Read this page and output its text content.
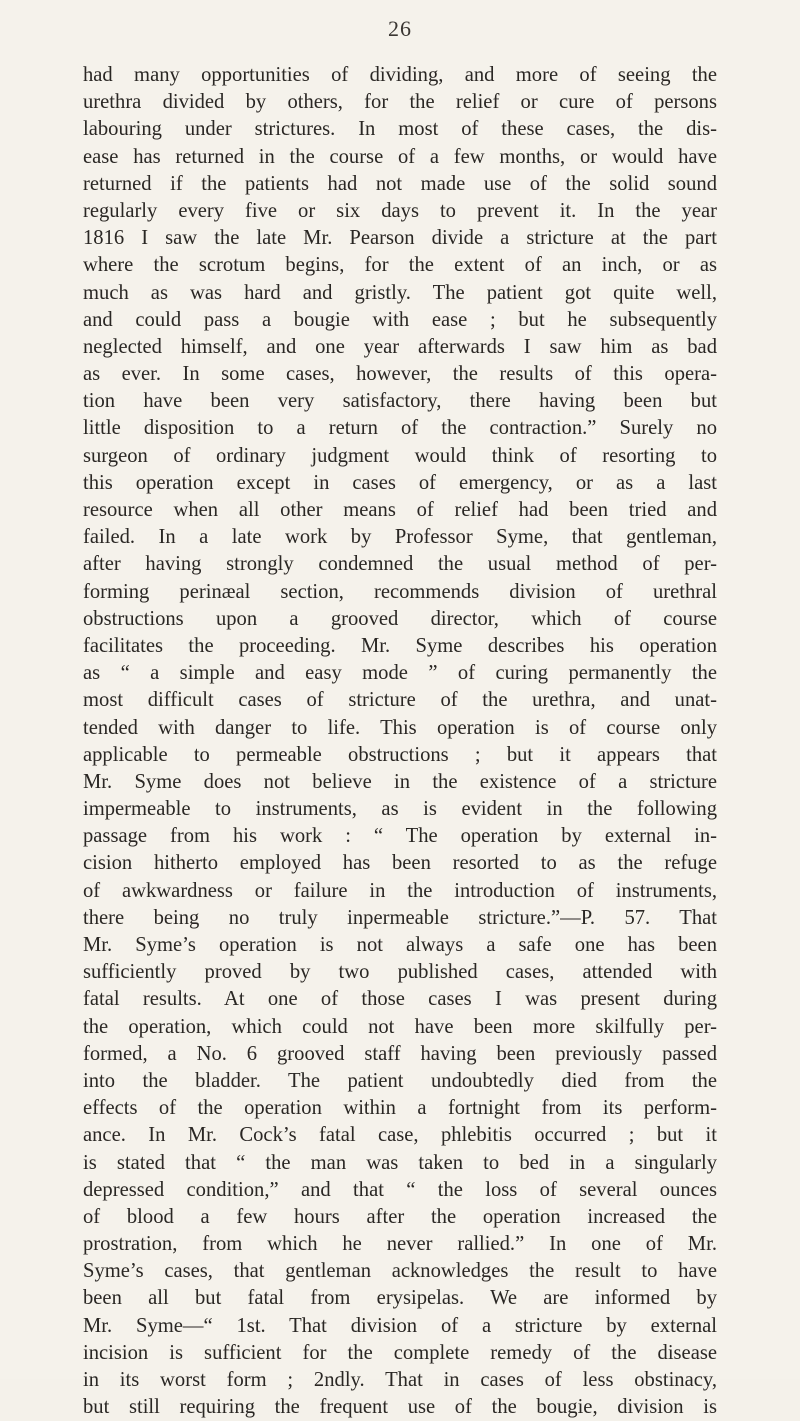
26
had many opportunities of dividing, and more of seeing the
urethra divided by others, for the relief or cure of persons
labouring under strictures. In most of these cases, the dis-
ease has returned in the course of a few months, or would have
returned if the patients had not made use of the solid sound
regularly every five or six days to prevent it. In the year
1816 I saw the late Mr. Pearson divide a stricture at the part
where the scrotum begins, for the extent of an inch, or as
much as was hard and gristly. The patient got quite well,
and could pass a bougie with ease ; but he subsequently
neglected himself, and one year afterwards I saw him as bad
as ever. In some cases, however, the results of this opera-
tion have been very satisfactory, there having been but
little disposition to a return of the contraction.” Surely no
surgeon of ordinary judgment would think of resorting to
this operation except in cases of emergency, or as a last
resource when all other means of relief had been tried and
failed. In a late work by Professor Syme, that gentleman,
after having strongly condemned the usual method of per-
forming perinæal section, recommends division of urethral
obstructions upon a grooved director, which of course
facilitates the proceeding. Mr. Syme describes his operation
as “ a simple and easy mode ” of curing permanently the
most difficult cases of stricture of the urethra, and unat-
tended with danger to life. This operation is of course only
applicable to permeable obstructions ; but it appears that
Mr. Syme does not believe in the existence of a stricture
impermeable to instruments, as is evident in the following
passage from his work : “ The operation by external in-
cision hitherto employed has been resorted to as the refuge
of awkwardness or failure in the introduction of instruments,
there being no truly inpermeable stricture.”—P. 57. That
Mr. Syme’s operation is not always a safe one has been
sufficiently proved by two published cases, attended with
fatal results. At one of those cases I was present during
the operation, which could not have been more skilfully per-
formed, a No. 6 grooved staff having been previously passed
into the bladder. The patient undoubtedly died from the
effects of the operation within a fortnight from its perform-
ance. In Mr. Cock’s fatal case, phlebitis occurred ; but it
is stated that “ the man was taken to bed in a singularly
depressed condition,” and that “ the loss of several ounces
of blood a few hours after the operation increased the
prostration, from which he never rallied.” In one of Mr.
Syme’s cases, that gentleman acknowledges the result to have
been all but fatal from erysipelas. We are informed by
Mr. Syme—“ 1st. That division of a stricture by external
incision is sufficient for the complete remedy of the disease
in its worst form ; 2ndly. That in cases of less obstinacy,
but still requiring the frequent use of the bougie, division is
